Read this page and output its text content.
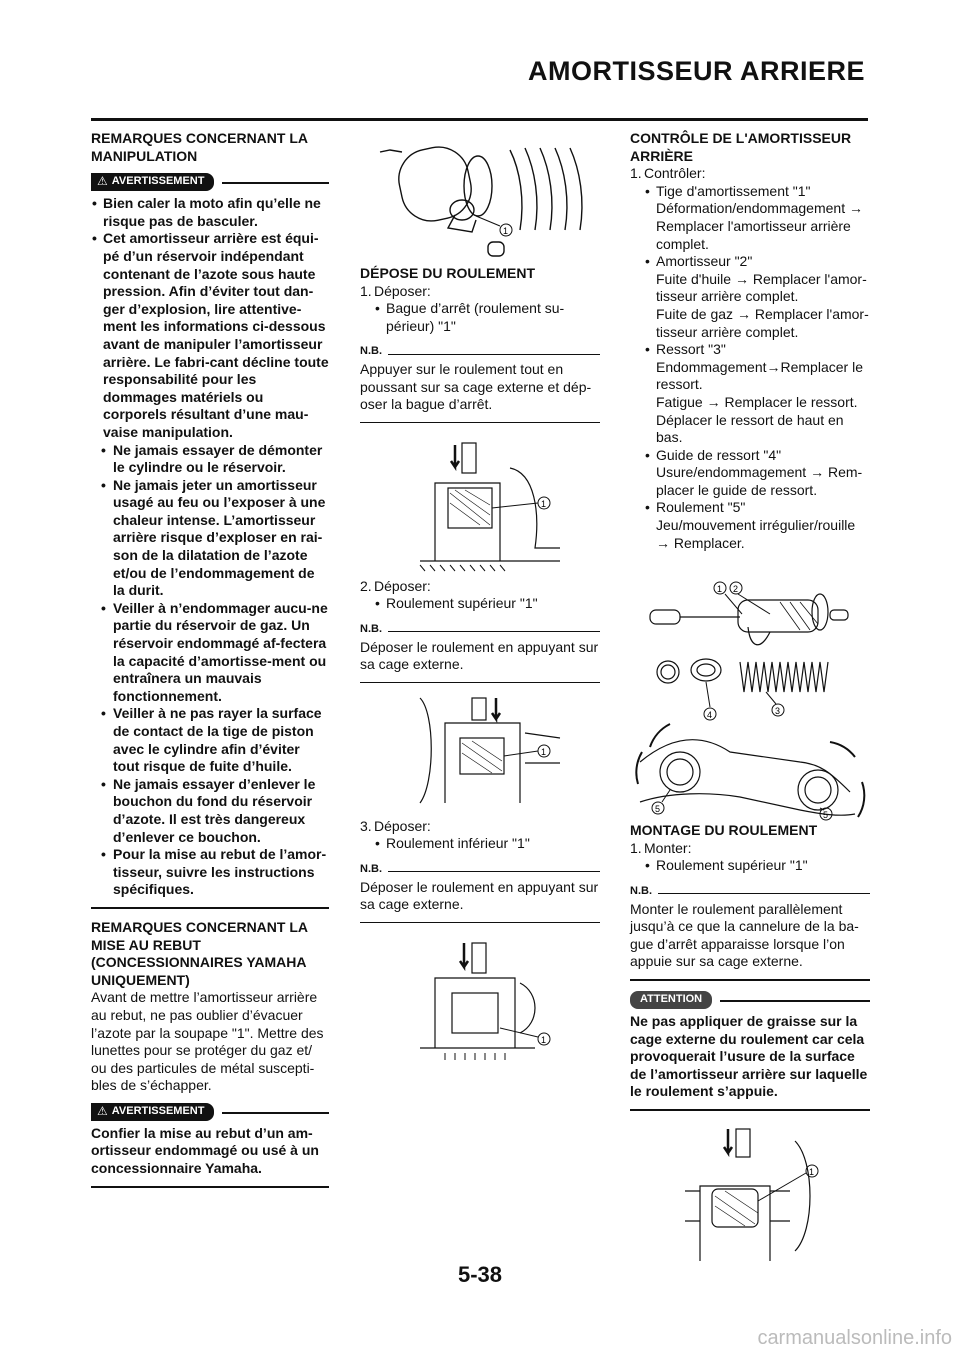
AMORTISSEUR ARRIERE

REMARQUES CONCERNANT LA MANIPULATION

⚠ AVERTISSEMENT
• Bien caler la moto afin qu’elle ne risque pas de basculer.
• Cet amortisseur arrière est équi-pé d’un réservoir indépendant contenant de l’azote sous haute pression. Afin d’éviter tout dan-ger d’explosion, lire attentive-ment les informations ci-dessous avant de manipuler l’amortisseur arrière. Le fabri-cant décline toute responsabilité pour les dommages matériels ou corporels résultant d’une mau-vaise manipulation.
• Ne jamais essayer de démonter le cylindre ou le réservoir.
• Ne jamais jeter un amortisseur usagé au feu ou l’exposer à une chaleur intense. L’amortisseur arrière risque d’exploser en rai-son de la dilatation de l’azote et/ou de l’endommagement de la durit.
• Veiller à n’endommager aucu-ne partie du réservoir de gaz. Un réservoir endommagé af-fectera la capacité d’amortisse-ment ou entraînera un mauvais fonctionnement.
• Veiller à ne pas rayer la surface de contact de la tige de piston avec le cylindre afin d’éviter tout risque de fuite d’huile.
• Ne jamais essayer d’enlever le bouchon du fond du réservoir d’azote. Il est très dangereux d’enlever ce bouchon.
• Pour la mise au rebut de l’amor-tisseur, suivre les instructions spécifiques.

REMARQUES CONCERNANT LA MISE AU REBUT (CONCESSIONNAIRES YAMAHA UNIQUEMENT)

Avant de mettre l’amortisseur arrière au rebut, ne pas oublier d’évacuer l’azote par la soupape "1". Mettre des lunettes pour se protéger du gaz et/ ou des particules de métal suscepti-bles de s’échapper.

⚠ AVERTISSEMENT

Confier la mise au rebut d’un am-ortisseur endommagé ou usé à un concessionnaire Yamaha.

1

DÉPOSE DU ROULEMENT

1. Déposer:
• Bague d’arrêt (roulement su-périeur) "1"
N.B.

Appuyer sur le roulement tout en poussant sur sa cage externe et dép-oser la bague d’arrêt.

1
2. Déposer:
• Roulement supérieur "1"
N.B.

Déposer le roulement en appuyant sur sa cage externe.

1
3. Déposer:
• Roulement inférieur "1"
N.B.

Déposer le roulement en appuyant sur sa cage externe.

1

CONTRÔLE DE L'AMORTISSEUR ARRIÈRE

1. Contrôler:
• Tige d'amortissement "1"
Déformation/endommagement → Remplacer l'amortisseur arrière complet.
• Amortisseur "2"
Fuite d'huile → Remplacer l'amor-tisseur arrière complet.
Fuite de gaz → Remplacer l'amor-tisseur arrière complet.
• Ressort "3"
Endommagement→Remplacer le ressort.
Fatigue → Remplacer le ressort. Déplacer le ressort de haut en bas.
• Guide de ressort "4"
Usure/endommagement → Rem-placer le guide de ressort.
• Roulement "5"
Jeu/mouvement irrégulier/rouille → Remplacer.
1 2
3
4
5
5

MONTAGE DU ROULEMENT

1. Monter:
• Roulement supérieur "1"
N.B.

Monter le roulement parallèlement jusqu’à ce que la cannelure de la ba-gue d’arrêt apparaisse lorsque l’on appuie sur sa cage externe.

ATTENTION

Ne pas appliquer de graisse sur la cage externe du roulement car cela provoquerait l’usure de la surface de l’amortisseur arrière sur laquelle le roulement s’appuie.

1
5-38
carmanualsonline.info
